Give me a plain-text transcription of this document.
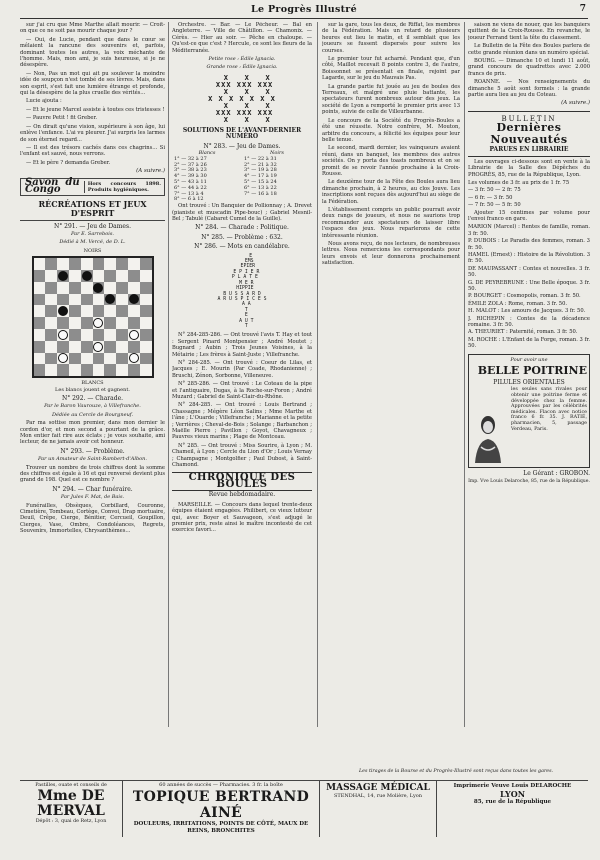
Le Progrès Illustré	7

sur j'ai cru que Mme Marthe allait mourir. — Croit-on que ce ne soit pas mourir chaque jour ?

— Oui, de Lucie, pendant que dans le cœur se mêlaient la rancune des souvenirs et, parfois, dominant toutes les autres, la voix méchante de l'homme. Mais, mon ami, je suis heureuse, si je ne désespère.

— Non, Pas un mot qui ait pu soulever la moindre idée de soupçon n'est tombé de ses lèvres. Mais, dans son esprit, s'est fait une lumière étrange et profonde, qui la désespère de la plus cruelle des vérités...

Lucie ajouta :

— Et le jeune Marcel assiste à toutes ces tristesses !

— Pauvre Petit ! fit Greber.

— On dirait qu'une vision, supérieure à son âge, lui enlève l'enfance. L'ai vu pleurer. J'ai surpris les larmes de son éternel regard...

— Il est des trésors cachés dans ces chagrins... Si l'enfant est sauvé, nous verrons.

— Et le père ? demanda Greber.

(A suivre.)
Savon du Congo	Hors concours 1898. Produits hygiéniques.
RÉCRÉATIONS ET JEUX D'ESPRIT
N° 291. — Jeu de Dames.
Par E. Sarrebois.
Dédié à M. Vercé, de D. L.
NOIRS
BLANCS
Les blancs jouent et gagnent.
N° 292. — Charade.
Par le Baron Vaurouze, à Villefranche.
Dédiée au Cercle de Bourgneuf.

Par ma sottise mon premier, dans mon dernier le cordon d'or, et mon second a pourtant de la grâce. Mon entier fait rire aux éclats ; je vous souhaite, ami lecteur, de ne jamais avoir cet honneur.

N° 293. — Problème.
Par un Amateur de Saint-Rambert-d'Albon.

Trouver un nombre de trois chiffres dont la somme des chiffres est égale à 16 et qui renversé devient plus grand de 198. Quel est ce nombre ?

N° 294. — Char funéraire.
Par Jules F. Mat, de Bais.

Funérailles, Obsèques, Corbillard, Couronne, Cimetière, Tombeau, Cortège, Convoi, Drap mortuaire, Deuil, Crêpe, Cierge, Bénitier, Cercueil, Goupillon, Cierges, Vase, Ombre, Condoléances, Regrets, Souvenirs, Immortelles, Chrysanthèmes...

Orchestre. — Bar. — Le Pêcheur. — Bal en Angleterre. — Ville de Châtillon. — Chamonix. — Cérès. — Hier au soir. — Pêche en chaloupe. — Qu'est-ce que c'est ? Hercule, ce sont les fleurs de la Méditerranée.

Petite rose : Édile Ignacia.
Grande rose : Édile Ignacia.
X   X   X
XXX XXX XXX
X   X   X
X X X X X X X
X   X   X
XXX XXX XXX
X   X   X
SOLUTIONS DE L'AVANT-DERNIER NUMÉRO
N° 283. — Jeu de Dames.
Blancs	Noirs
1° — 32 à 27	1° — 22 à 31
2° — 37 à 26	2° — 21 à 32
3° — 38 à 23	3° — 19 à 28
4° — 39 à 30	4° — 17 à 19
5° — 43 à 11	5° — 15 à 24
6° — 44 à 22	6° — 13 à 22
7° — 13 à 4	7° — 16 à 18
8° — 6 à 12	

Ont trouvé : Un Banquier de Pollionnay ; A. Drevet (pianiste et muscadin Pipe-bouc) ; Gabriel Mesnil-Bel ; Tabulé (Cabaret Cumel de la Guille).

N° 284. — Charade : Politique.
N° 285. — Problème : 632.
N° 286. — Mots en candélabre.
E
EMS
EPIER
E P I E R
P L A T E
M E R
HIPPIE
B U S S A R D
A R U S P I C E S
A A
T
E
A U T
T

N° 284-285-286. — Ont trouvé l'avis T. Hay et tout : Sergent Pinard Montpensier ; André Moutet ; Bugnard ; Aubin ; Trois Jeunes Voisines, à la Métairie ; Les frères à Saint-Juste ; Villefranche.

N° 284-285. — Ont trouvé : Coeur de Lilas, et Jacques ; E. Mourin (Par Coade, Rhodanienne) ; Bruschi, Zénon, Sorbonne, Villeneuve.

N° 285-286. — Ont trouvé : Le Coteau de la pipe et l'antiquaire, Dugas, à la Roche-sur-Foron ; André Muzard ; Gabriel de Saint-Clair-du-Rhône.

N° 284-285. — Ont trouvé : Louis Bertrand ; Chassagne ; Mégère Léon Salins ; Mme Marthe et l'âne ; L'Ouarde ; Villefranche ; Marianne et la petite ; Verrières ; Cheval-de-Bois ; Solange ; Barbanchon ; Maëlle Pierre ; Pavillon ; Goyot, Chavagneux ; Pauvres vieux marins ; Plage de Montceau.

N° 285. — Ont trouvé : Miss Sourire, à Lyon ; M. Chameil, à Lyon ; Cercle du Lion d'Or ; Louis Vernay ; Champagne ; Montgolfier ; Paul Dubost, à Saint-Chamond.

CHRONIQUE DES BOULES
Revue hebdomadaire.

MARSEILLE. — Concours dans lequel trente-deux équipes étaient engagées. Philibert, ce vieux lutteur qui, avec Boyer et Sauvageon, s'est adjugé le premier prix, reste ainsi le maître incontesté de cet exercice favori...

sur la gare, tous les deux, de Riffat, les membres de la Fédération. Mais un retard de plusieurs heures eut lieu le matin, et il semblait que les joueurs se fussent dispersés pour suivre les courses.

Le premier tour fut acharné. Pendant que, d'un côté, Maillot recevait 8 points contre 3, de l'autre, Boissonnet se présentait en finale, rejoint par Lagarde, sur le jeu du Mauvais Pas.

La grande partie fut jouée au jeu de boules des Terreaux, et malgré une pluie battante, les spectateurs furent nombreux autour des jeux. La société de Lyon a remporté le premier prix avec 13 points, suivie de celle de Villeurbanne.

Le concours de la Société du Progrès-Boules a été une réussite. Notre confrère, M. Mouton, arbitre du concours, a félicité les équipes pour leur belle tenue.

Le second, mardi dernier, les vainqueurs avaient réuni, dans un banquet, les membres des autres sociétés. On y porta des toasts nombreux et on se promit de se revoir l'année prochaine à la Croix-Rousse.

Le deuxième tour de la Fête des Boules aura lieu dimanche prochain, à 2 heures, au clos Jouve. Les inscriptions sont reçues dès aujourd'hui au siège de la Fédération.

L'établissement compris un public pourrait avoir deux rangs de joueurs, et nous ne saurions trop recommander aux spectateurs de laisser libre l'espace des jeux. Nous reparlerons de cette intéressante réunion.

Nous avons reçu, de nos lecteurs, de nombreuses lettres. Nous remercions les correspondants pour leurs envois et leur donnerons prochainement satisfaction.

saison ne viens de nouer, que les banquiers quittent de la Croix-Rousse. En revanche, le joueur Ferrand tient la tête du classement.

Le Bulletin de la Fête des Boules parlera de cette grande réunion dans un numéro spécial.

BOURG. — Dimanche 10 et lundi 11 août, grand concours de quadrettes avec 2.000 francs de prix.

ROANNE. — Nos renseignements du dimanche 5 août sont formels : la grande partie aura lieu au jeu du Coteau.

(A suivre.)
BULLETIN
Dernières Nouveautés
PARUES EN LIBRAIRIE

Les ouvrages ci-dessous sont en vente à la Librairie de la Salle des Dépêches du PROGRÈS, 85, rue de la République, Lyon.

Les volumes de 3 fr. au prix de 1 fr. 75
— 3 fr. 50 — 2 fr. 75
— 6 fr. — 3 fr. 50
— 7 fr. 50 — 5 fr. 50

Ajouter 15 centimes par volume pour l'envoi franco en gare.

MARION (Marcel) : Rentes de famille, roman. 3 fr. 50.
P. DUBOIS : Le Paradis des femmes, roman. 3 fr. 50.
HAMEL (Ernest) : Histoire de la Révolution. 3 fr. 50.
DE MAUPASSANT : Contes et nouvelles. 3 fr. 50.
G. DE PEYREBRUNE : Une Belle époque. 3 fr. 50.
P. BOURGET : Cosmopolis, roman. 3 fr. 50.
ÉMILE ZOLA : Rome, roman. 3 fr. 50.
H. MALOT : Les amours de Jacques. 3 fr. 50.
J. RICHEPIN : Contes de la décadence romaine. 3 fr. 50.
A. THEURIET : Paternité, roman. 3 fr. 50.
M. ROCHE : L'Enfant de la Forge, roman. 3 fr. 50.
Pour avoir une
BELLE POITRINE
PILULES ORIENTALES
les seules sans rivales pour obtenir une poitrine ferme et développée chez la femme. Approuvées par les célébrités médicales. Flacon avec notice franco 6 fr. 35. J. RATIÉ, pharmacien, 5, passage Verdeau, Paris.
Le Gérant : GROBON.
Imp. Vve Louis Delaroche, 85, rue de la République.
Les tirages de la Bourse et du Progrès-Illustré sont reçus dans toutes les gares.
Pastilles, ouate et conseils de
Mme DE MERVAL
Dépôt : 3, quai de Retz, Lyon
60 années de succès — Pharmacies. 3 fr. la boîte
TOPIQUE BERTRAND AINÉ
DOULEURS, IRRITATIONS, POINTS DE CÔTÉ, MAUX DE REINS, BRONCHITES
MASSAGE MÉDICAL
STENDHAL, 14, rue Molière, Lyon
Imprimerie Veuve Louis DELAROCHE
LYON
85, rue de la République
